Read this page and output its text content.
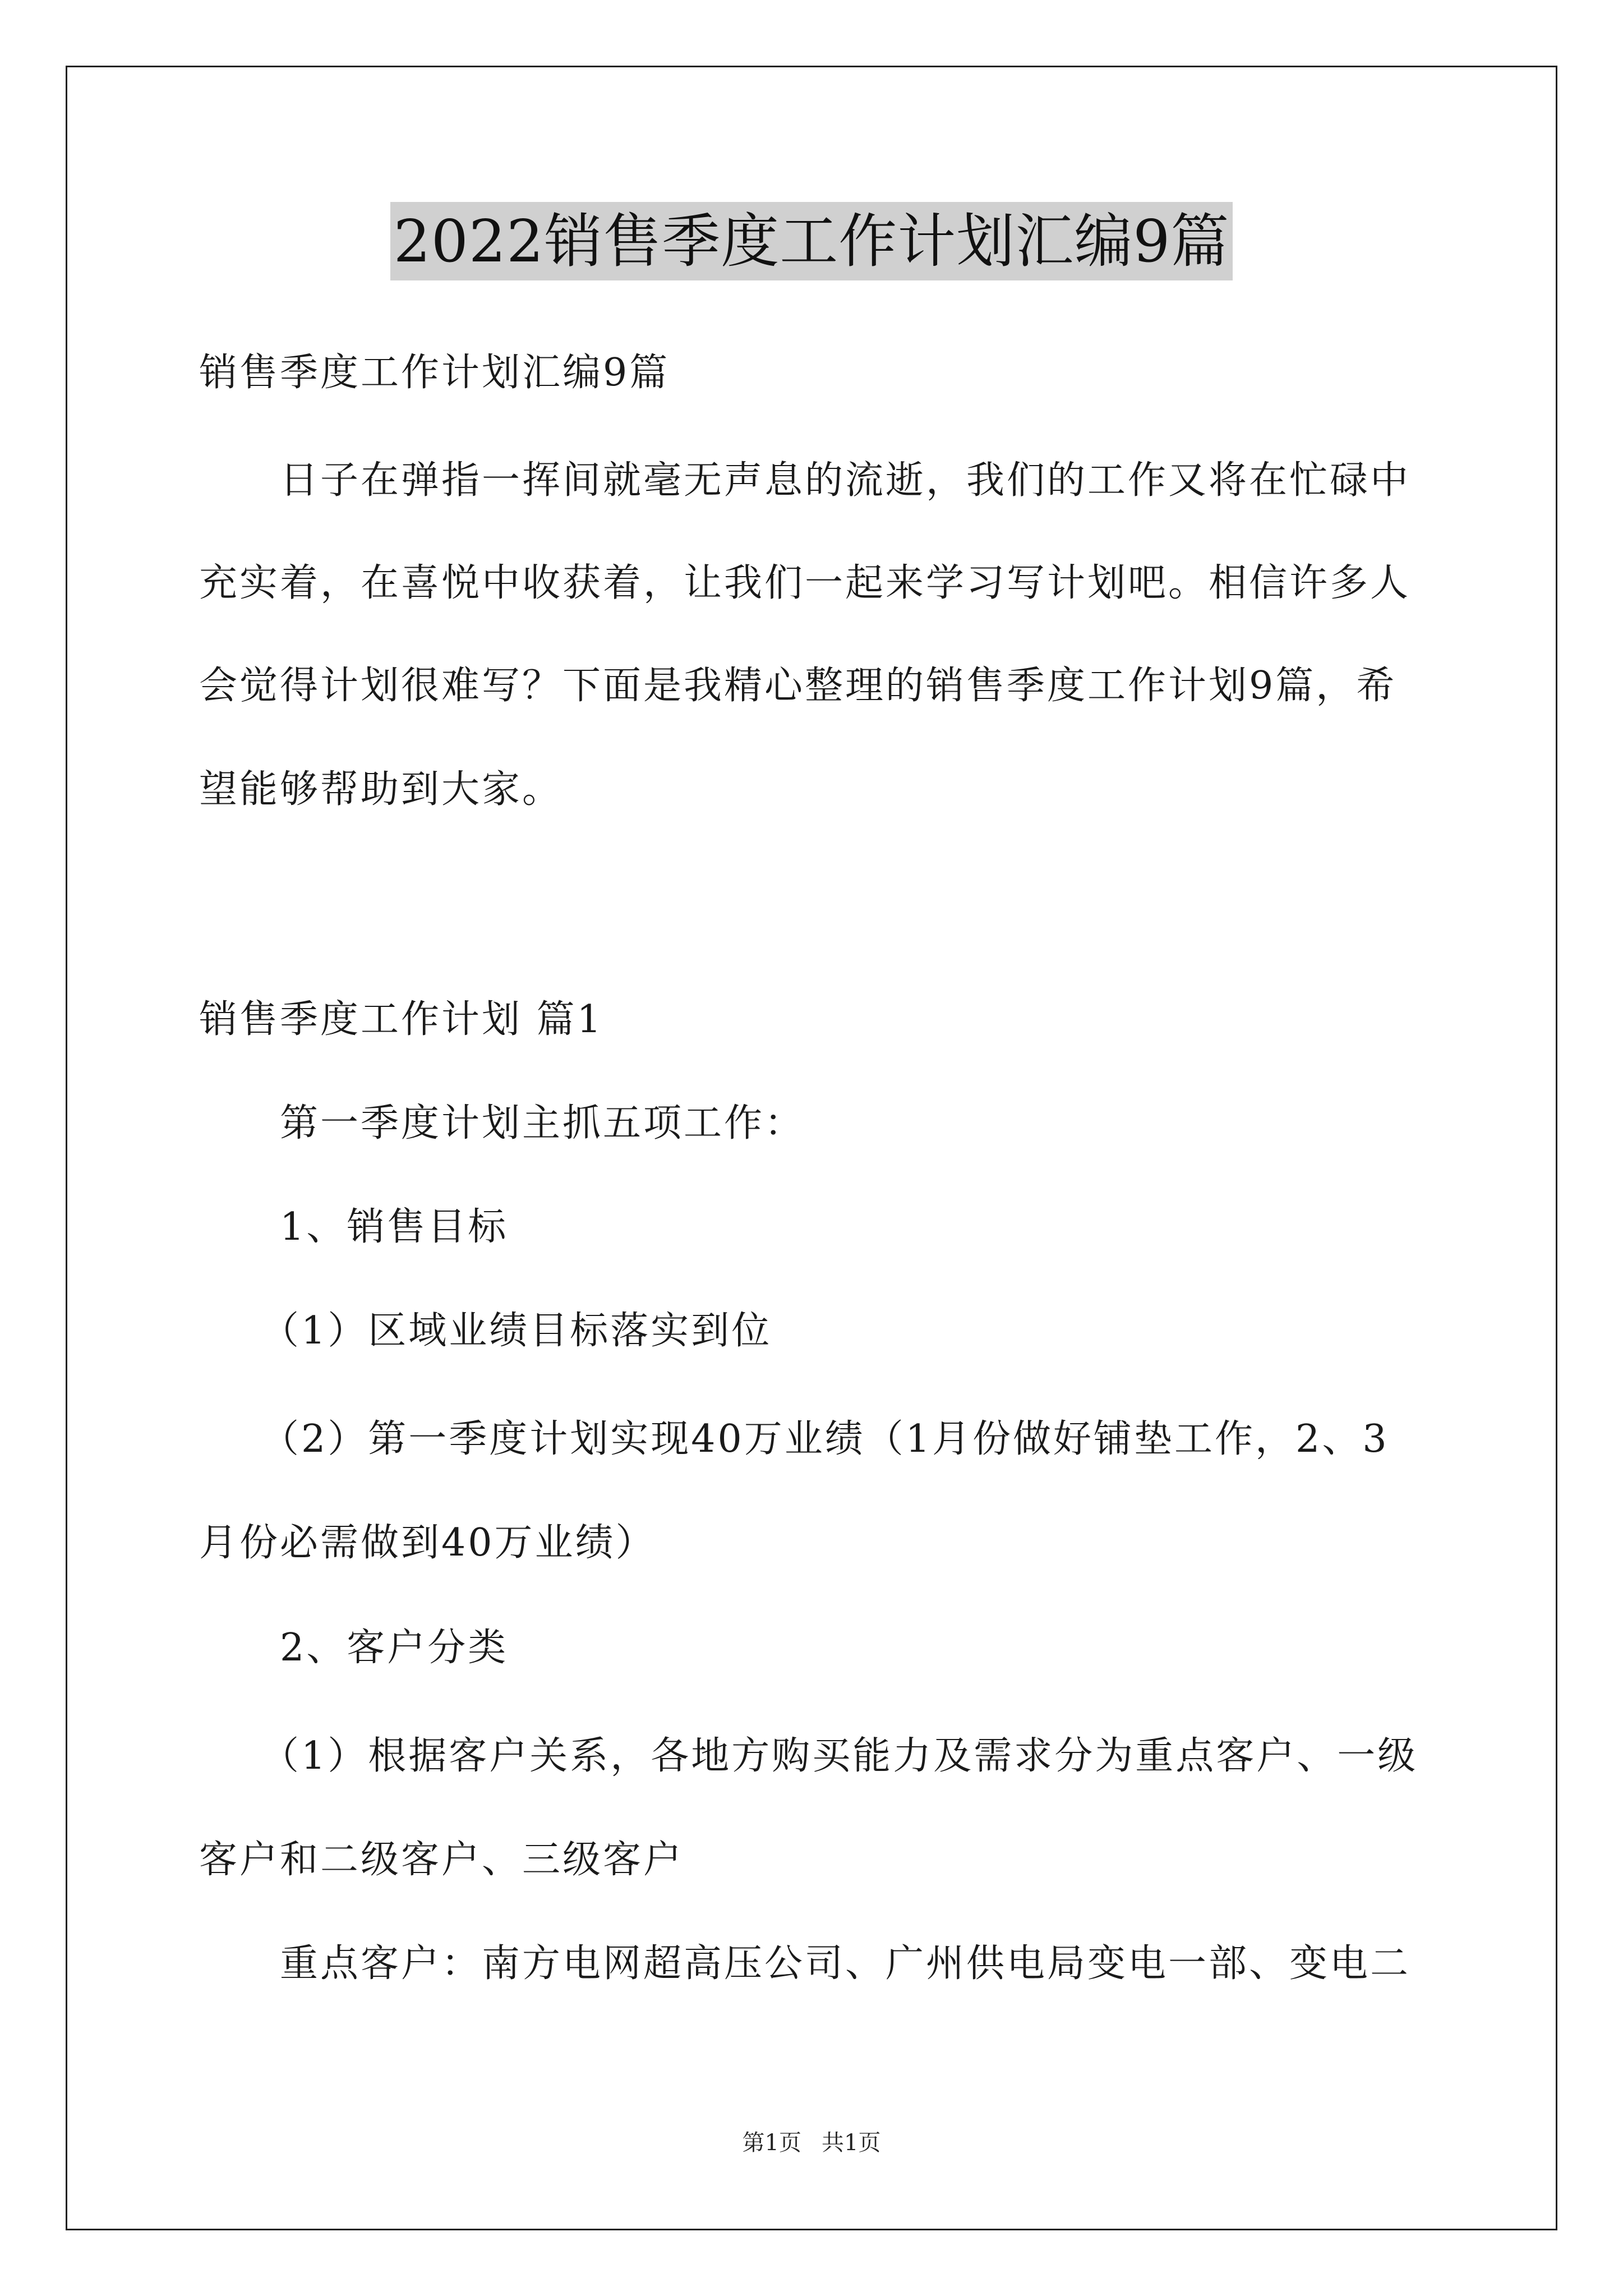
2022销售季度工作计划汇编9篇
销售季度工作计划汇编9篇
　　日子在弹指一挥间就毫无声息的流逝，我们的工作又将在忙碌中
充实着，在喜悦中收获着，让我们一起来学习写计划吧。相信许多人
会觉得计划很难写？下面是我精心整理的销售季度工作计划9篇，希
望能够帮助到大家。
销售季度工作计划 篇1
　　第一季度计划主抓五项工作：
　　1、销售目标
　　（1）区域业绩目标落实到位
　　（2）第一季度计划实现40万业绩（1月份做好铺垫工作，2、3
月份必需做到40万业绩）
　　2、客户分类
　　（1）根据客户关系，各地方购买能力及需求分为重点客户、一级
客户和二级客户、三级客户
　　重点客户：南方电网超高压公司、广州供电局变电一部、变电二
第1页 共1页
